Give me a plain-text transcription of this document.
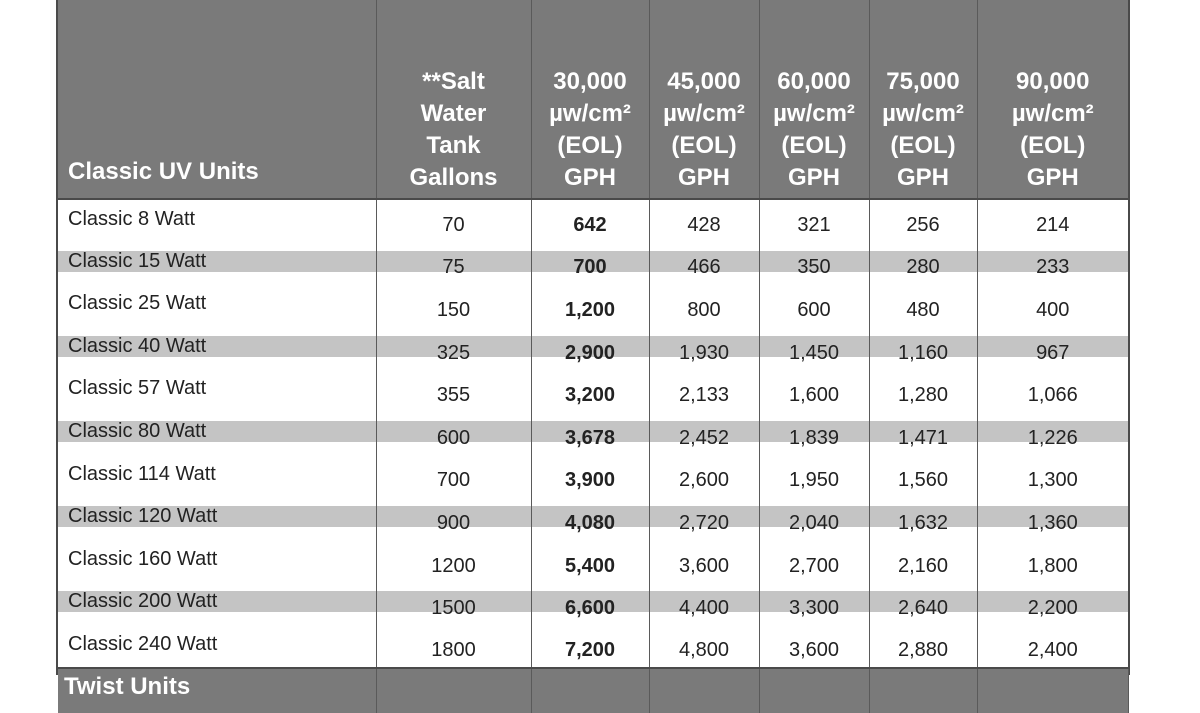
Classic UV Units	**Salt
Water
Tank
Gallons	30,000
µw/cm²
(EOL)
GPH	45,000
µw/cm²
(EOL)
GPH	60,000
µw/cm²
(EOL)
GPH	75,000
µw/cm²
(EOL)
GPH	90,000
µw/cm²
(EOL)
GPH

Classic 8 Watt	70	642	428	321	256	214
Classic 15 Watt	75	700	466	350	280	233
Classic 25 Watt	150	1,200	800	600	480	400
Classic 40 Watt	325	2,900	1,930	1,450	1,160	967
Classic 57 Watt	355	3,200	2,133	1,600	1,280	1,066
Classic 80 Watt	600	3,678	2,452	1,839	1,471	1,226
Classic 114 Watt	700	3,900	2,600	1,950	1,560	1,300
Classic 120 Watt	900	4,080	2,720	2,040	1,632	1,360
Classic 160 Watt	1200	5,400	3,600	2,700	2,160	1,800
Classic 200 Watt	1500	6,600	4,400	3,300	2,640	2,200
Classic 240 Watt	1800	7,200	4,800	3,600	2,880	2,400
Twist Units						
